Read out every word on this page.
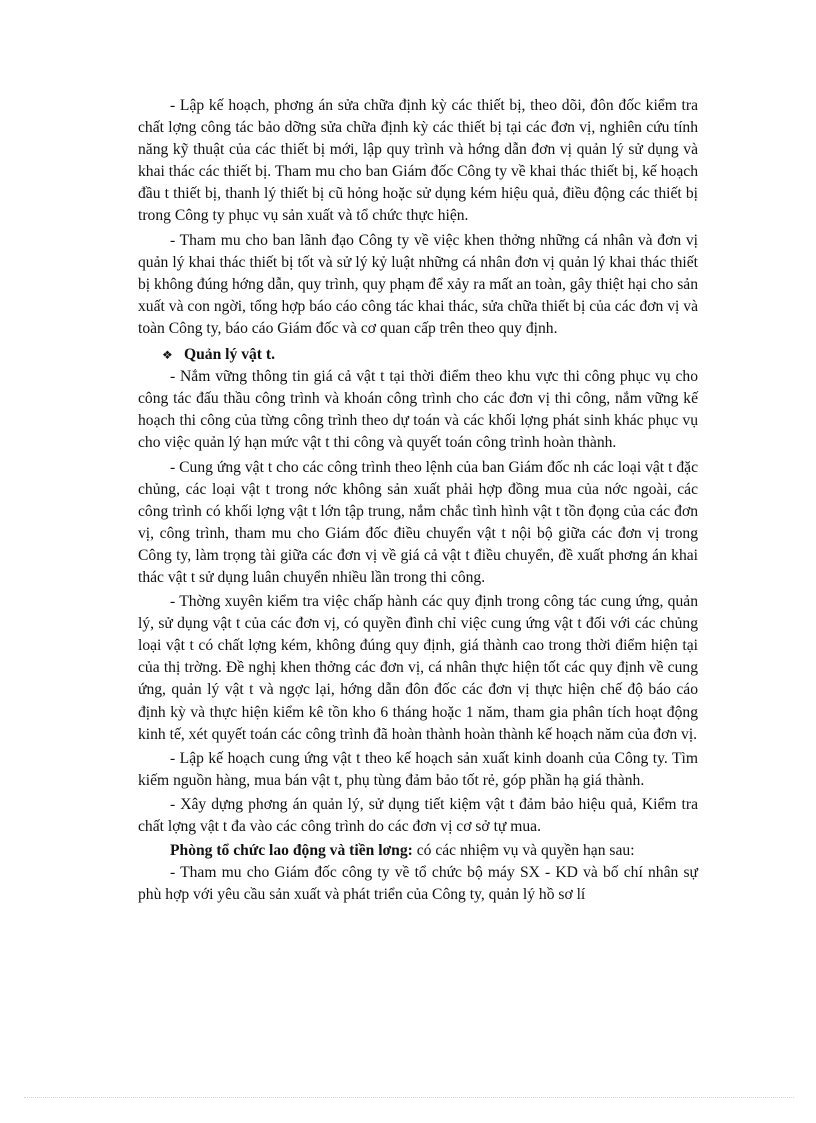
- Lập kế hoạch, phơng án sửa chữa định kỳ các thiết bị, theo dõi, đôn đốc kiểm tra chất lợng công tác bảo dỡng sửa chữa định kỳ các thiết bị tại các đơn vị, nghiên cứu tính năng kỹ thuật của các thiết bị mới, lập quy trình và hớng dẫn đơn vị quản lý sử dụng và khai thác các thiết bị. Tham mu cho ban Giám đốc Công ty về khai thác thiết bị, kế hoạch đầu t thiết bị, thanh lý thiết bị cũ hỏng hoặc sử dụng kém hiệu quả, điều động các thiết bị trong Công ty phục vụ sản xuất và tổ chức thực hiện.

- Tham mu cho ban lãnh đạo Công ty về việc khen thởng những cá nhân và đơn vị quản lý khai thác thiết bị tốt và sử lý kỷ luật những cá nhân đơn vị quản lý khai thác thiết bị không đúng hớng dẫn, quy trình, quy phạm để xảy ra mất an toàn, gây thiệt hại cho sản xuất và con ngời, tổng hợp báo cáo công tác khai thác, sửa chữa thiết bị của các đơn vị và toàn Công ty, báo cáo Giám đốc và cơ quan cấp trên theo quy định.

❖ Quản lý vật t.

- Nắm vững thông tin giá cả vật t tại thời điểm theo khu vực thi công phục vụ cho công tác đấu thầu công trình và khoán công trình cho các đơn vị thi công, nắm vững kế hoạch thi công của từng công trình theo dự toán và các khối lợng phát sinh khác phục vụ cho việc quản lý hạn mức vật t thi công và quyết toán công trình hoàn thành.

- Cung ứng vật t cho các công trình theo lệnh của ban Giám đốc nh các loại vật t đặc chủng, các loại vật t trong nớc không sản xuất phải hợp đồng mua của nớc ngoài, các công trình có khối lợng vật t lớn tập trung, nắm chắc tình hình vật t tồn đọng của các đơn vị, công trình, tham mu cho Giám đốc điều chuyển vật t nội bộ giữa các đơn vị trong Công ty, làm trọng tài giữa các đơn vị về giá cả vật t điều chuyển, đề xuất phơng án khai thác vật t sử dụng luân chuyển nhiều lần trong thi công.

- Thờng xuyên kiểm tra việc chấp hành các quy định trong công tác cung ứng, quản lý, sử dụng vật t của các đơn vị, có quyền đình chỉ việc cung ứng vật t đối với các chủng loại vật t có chất lợng kém, không đúng quy định, giá thành cao trong thời điểm hiện tại của thị trờng. Đề nghị khen thởng các đơn vị, cá nhân thực hiện tốt các quy định về cung ứng, quản lý vật t và ngợc lại, hớng dẫn đôn đốc các đơn vị thực hiện chế độ báo cáo định kỳ và thực hiện kiểm kê tồn kho 6 tháng hoặc 1 năm, tham gia phân tích hoạt động kinh tế, xét quyết toán các công trình đã hoàn thành hoàn thành kế hoạch năm của đơn vị.

- Lập kế hoạch cung ứng vật t theo kế hoạch sản xuất kinh doanh của Công ty. Tìm kiếm nguồn hàng, mua bán vật t, phụ tùng đảm bảo tốt rẻ, góp phần hạ giá thành.

- Xây dựng phơng án quản lý, sử dụng tiết kiệm vật t đảm bảo hiệu quả, Kiểm tra chất lợng vật t đa vào các công trình do các đơn vị cơ sở tự mua.

Phòng tổ chức lao động và tiền lơng: có các nhiệm vụ và quyền hạn sau:

- Tham mu cho Giám đốc công ty về tổ chức bộ máy SX - KD và bố chí nhân sự phù hợp với yêu cầu sản xuất và phát triển của Công ty, quản lý hồ sơ lí
